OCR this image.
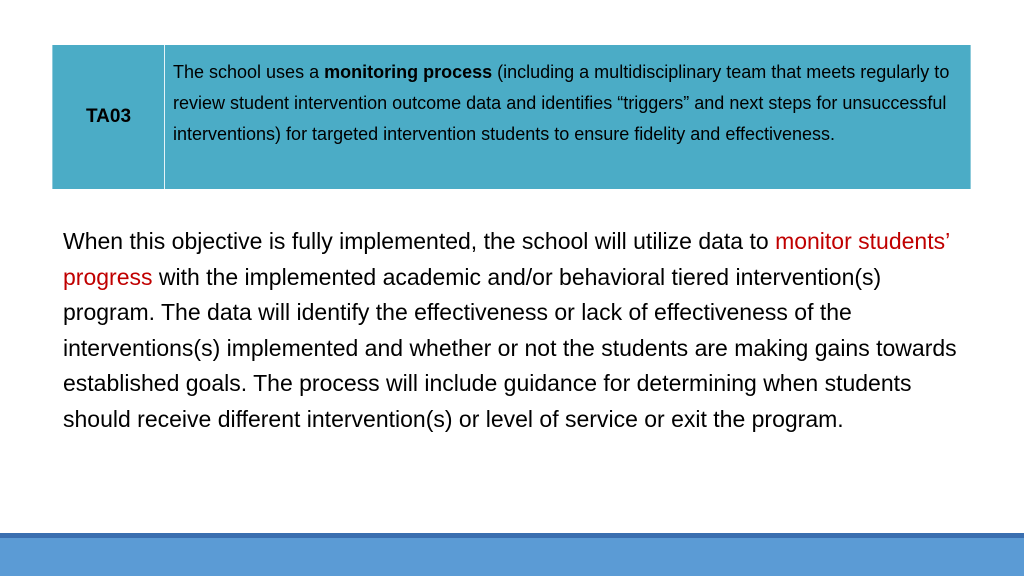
TA03
The school uses a monitoring process (including a multidisciplinary team that meets regularly to review student intervention outcome data and identifies “triggers” and next steps for unsuccessful interventions) for targeted intervention students to ensure fidelity and effectiveness.
When this objective is fully implemented, the school will utilize data to monitor students’ progress with the implemented academic and/or behavioral tiered intervention(s) program. The data will identify the effectiveness or lack of effectiveness of the interventions(s) implemented and whether or not the students are making gains towards established goals. The process will include guidance for determining when students should receive different intervention(s) or level of service or exit the program.
